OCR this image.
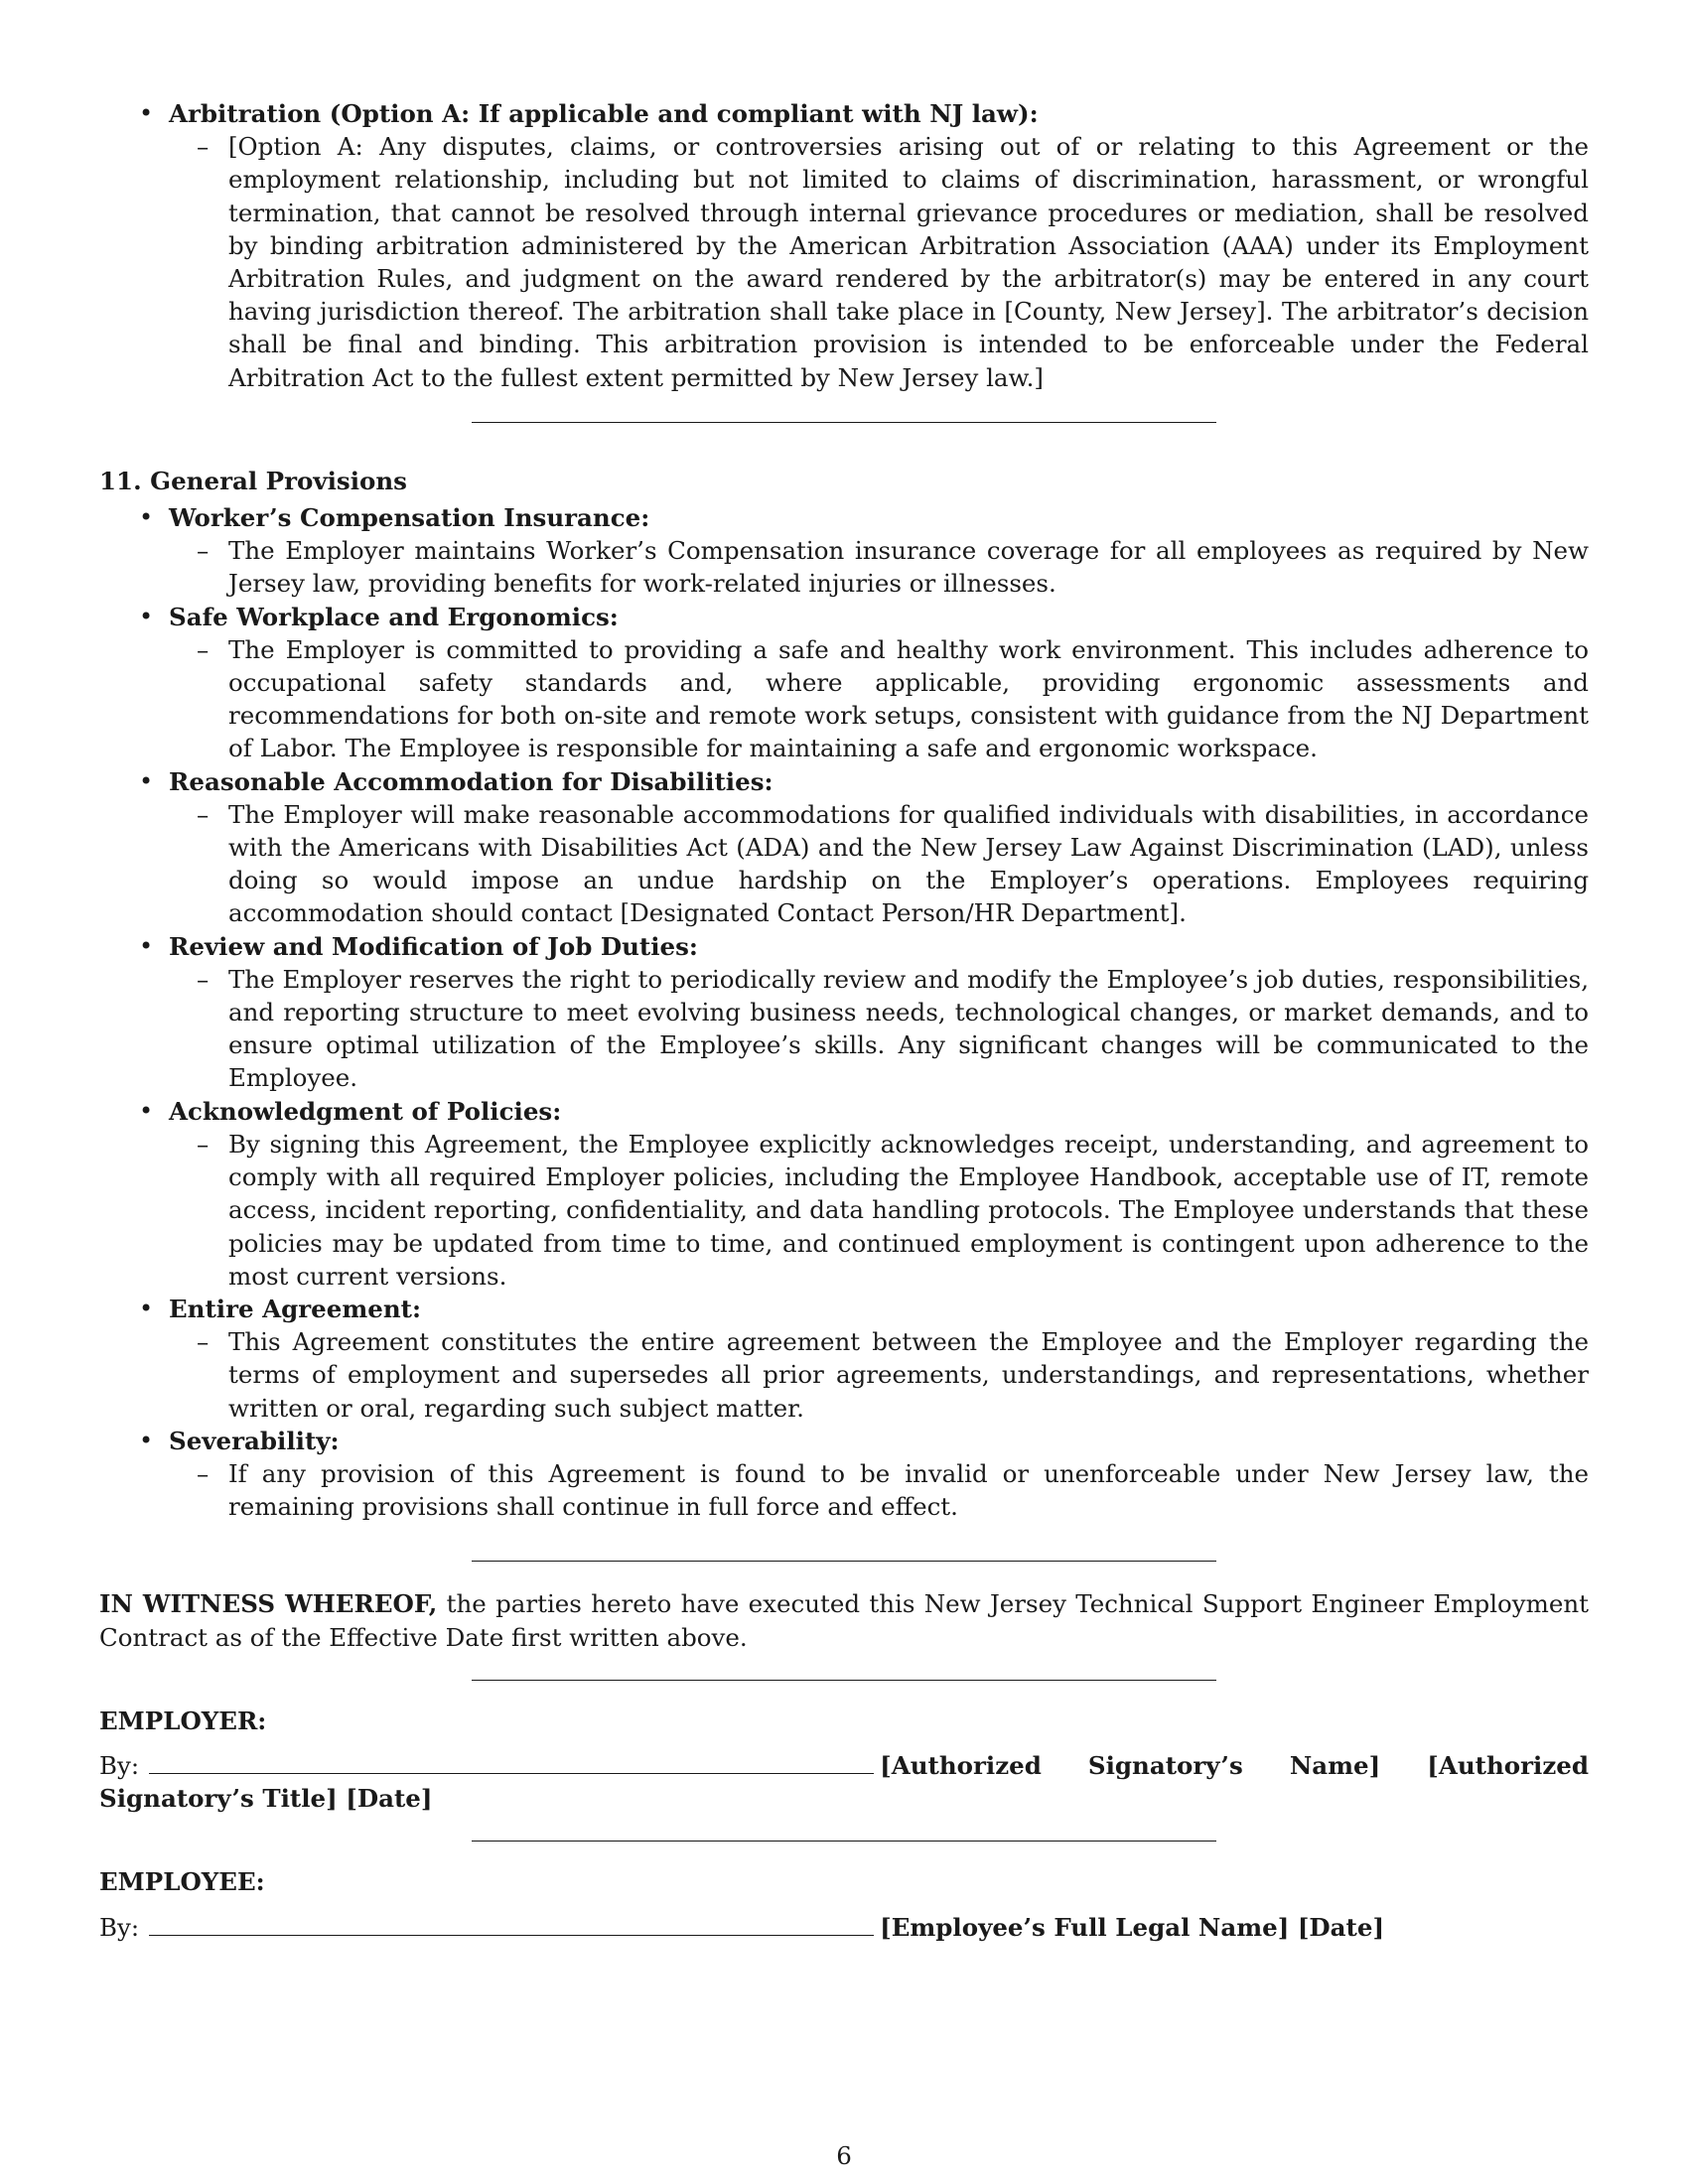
• Arbitration (Option A: If applicable and compliant with NJ law):
– [Option A: Any disputes, claims, or controversies arising out of or relating to this Agreement or the employment relationship, including but not limited to claims of discrimination, harassment, or wrongful termination, that cannot be resolved through internal grievance procedures or mediation, shall be resolved by binding arbitration administered by the American Arbitration Association (AAA) under its Employment Arbitration Rules, and judgment on the award rendered by the arbitrator(s) may be entered in any court having jurisdiction thereof. The arbitration shall take place in [County, New Jersey]. The arbitrator’s decision shall be final and binding. This arbitration provision is intended to be enforceable under the Federal Arbitration Act to the fullest extent permitted by New Jersey law.]

11. General Provisions

• Worker’s Compensation Insurance:
– The Employer maintains Worker’s Compensation insurance coverage for all employees as required by New Jersey law, providing benefits for work-related injuries or illnesses.
• Safe Workplace and Ergonomics:
– The Employer is committed to providing a safe and healthy work environment. This includes adherence to occupational safety standards and, where applicable, providing ergonomic assessments and recommendations for both on-site and remote work setups, consistent with guidance from the NJ Department of Labor. The Employee is responsible for maintaining a safe and ergonomic workspace.
• Reasonable Accommodation for Disabilities:
– The Employer will make reasonable accommodations for qualified individuals with disabilities, in accordance with the Americans with Disabilities Act (ADA) and the New Jersey Law Against Discrimination (LAD), unless doing so would impose an undue hardship on the Employer’s operations. Employees requiring accommodation should contact [Designated Contact Person/HR Department].
• Review and Modification of Job Duties:
– The Employer reserves the right to periodically review and modify the Employee’s job duties, responsibilities, and reporting structure to meet evolving business needs, technological changes, or market demands, and to ensure optimal utilization of the Employee’s skills. Any significant changes will be communicated to the Employee.
• Acknowledgment of Policies:
– By signing this Agreement, the Employee explicitly acknowledges receipt, understanding, and agreement to comply with all required Employer policies, including the Employee Handbook, acceptable use of IT, remote access, incident reporting, confidentiality, and data handling protocols. The Employee understands that these policies may be updated from time to time, and continued employment is contingent upon adherence to the most current versions.
• Entire Agreement:
– This Agreement constitutes the entire agreement between the Employee and the Employer regarding the terms of employment and supersedes all prior agreements, understandings, and representations, whether written or oral, regarding such subject matter.
• Severability:
– If any provision of this Agreement is found to be invalid or unenforceable under New Jersey law, the remaining provisions shall continue in full force and effect.

IN WITNESS WHEREOF, the parties hereto have executed this New Jersey Technical Support Engineer Employment Contract as of the Effective Date first written above.

EMPLOYER:

By:	[Authorized Signatory’s Name] [Authorized Signatory’s Title] [Date]

EMPLOYEE:

By:	[Employee’s Full Legal Name] [Date]

6
